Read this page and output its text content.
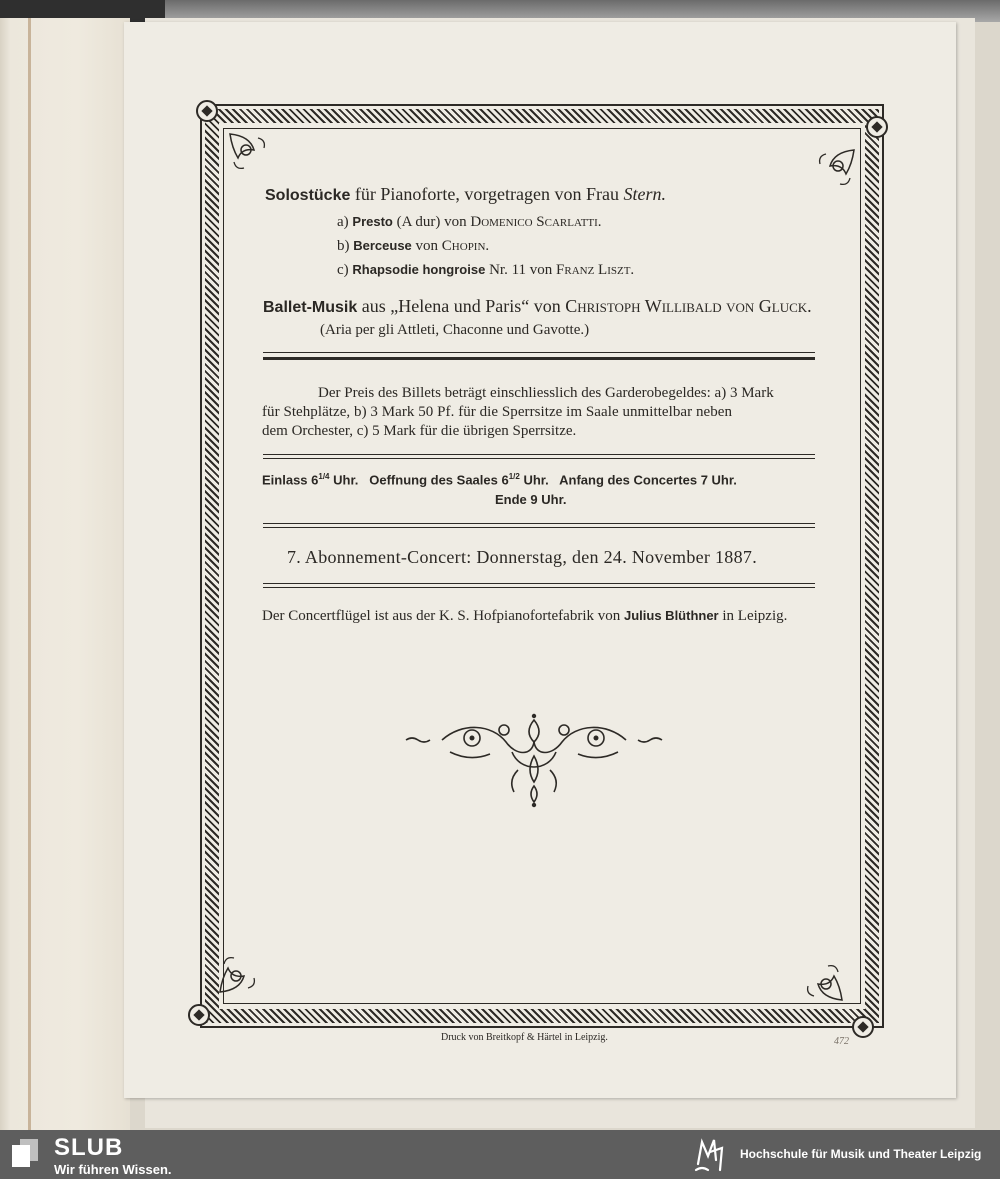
Solostücke für Pianoforte, vorgetragen von Frau Stern.
a) Presto (A dur) von Domenico Scarlatti.
b) Berceuse von Chopin.
c) Rhapsodie hongroise Nr. 11 von Franz Liszt.
Ballet-Musik aus „Helena und Paris“ von Christoph Willibald von Gluck.
(Aria per gli Attleti, Chaconne und Gavotte.)
Der Preis des Billets beträgt einschliesslich des Garderobegeldes: a) 3 Mark
für Stehplätze, b) 3 Mark 50 Pf. für die Sperrsitze im Saale unmittelbar neben
dem Orchester, c) 5 Mark für die übrigen Sperrsitze.
Einlass $6^{1/4}$ Uhr. Oeffnung des Saales $6^{1/2}$ Uhr. Anfang des Concertes 7 Uhr.
Ende 9 Uhr.
7. Abonnement-Concert: Donnerstag, den 24. November 1887.
Der Concertflügel ist aus der K. S. Hofpianofortefabrik von Julius Blüthner in Leipzig.
Druck von Breitkopf & Härtel in Leipzig.	472
SLUB
Wir führen Wissen.
Hochschule für Musik und Theater Leipzig
